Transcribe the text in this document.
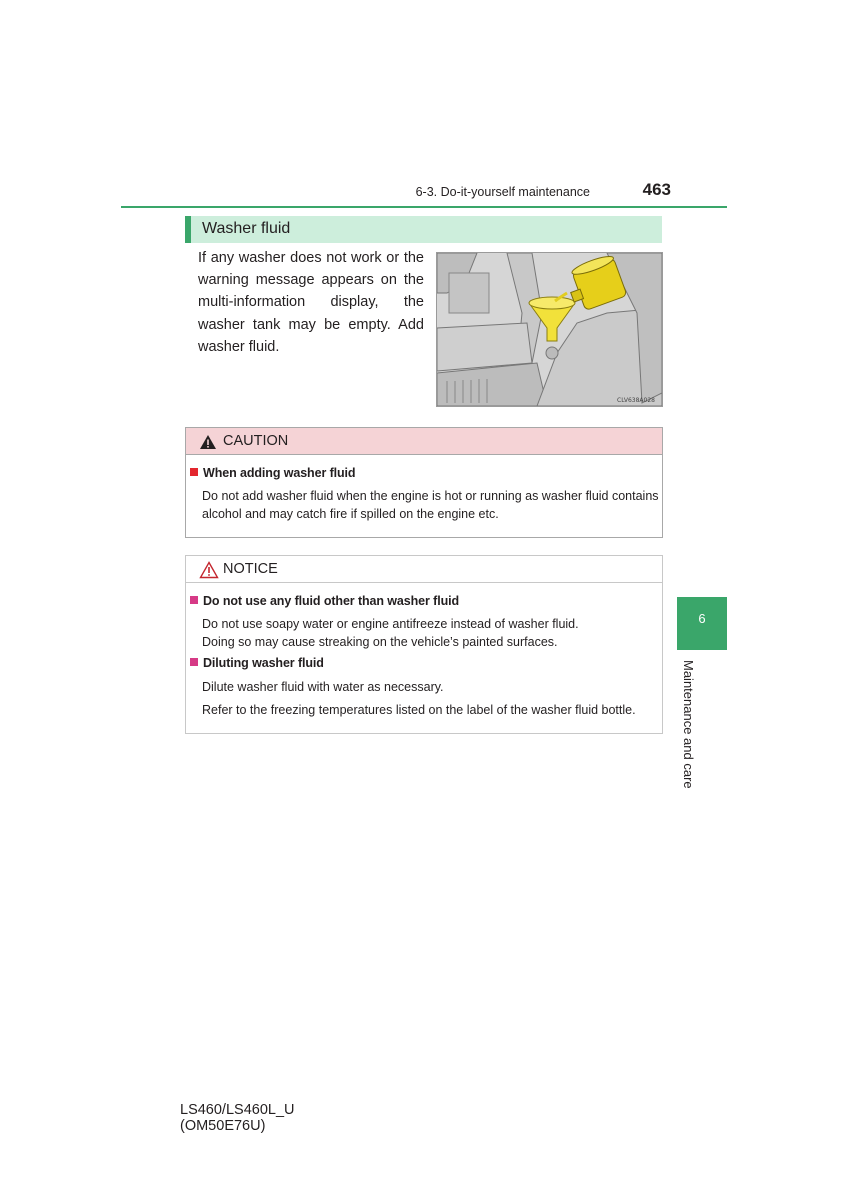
6-3. Do-it-yourself maintenance	463
Washer fluid
If any washer does not work or the warning message appears on the multi-information display, the washer tank may be empty. Add washer fluid.
CLV638A028
CAUTION
When adding washer fluid
Do not add washer fluid when the engine is hot or running as washer fluid contains
alcohol and may catch fire if spilled on the engine etc.
NOTICE
Do not use any fluid other than washer fluid
Do not use soapy water or engine antifreeze instead of washer fluid.
Doing so may cause streaking on the vehicle’s painted surfaces.
Diluting washer fluid
Dilute washer fluid with water as necessary.
Refer to the freezing temperatures listed on the label of the washer fluid bottle.
6
Maintenance and care
LS460/LS460L_U (OM50E76U)
